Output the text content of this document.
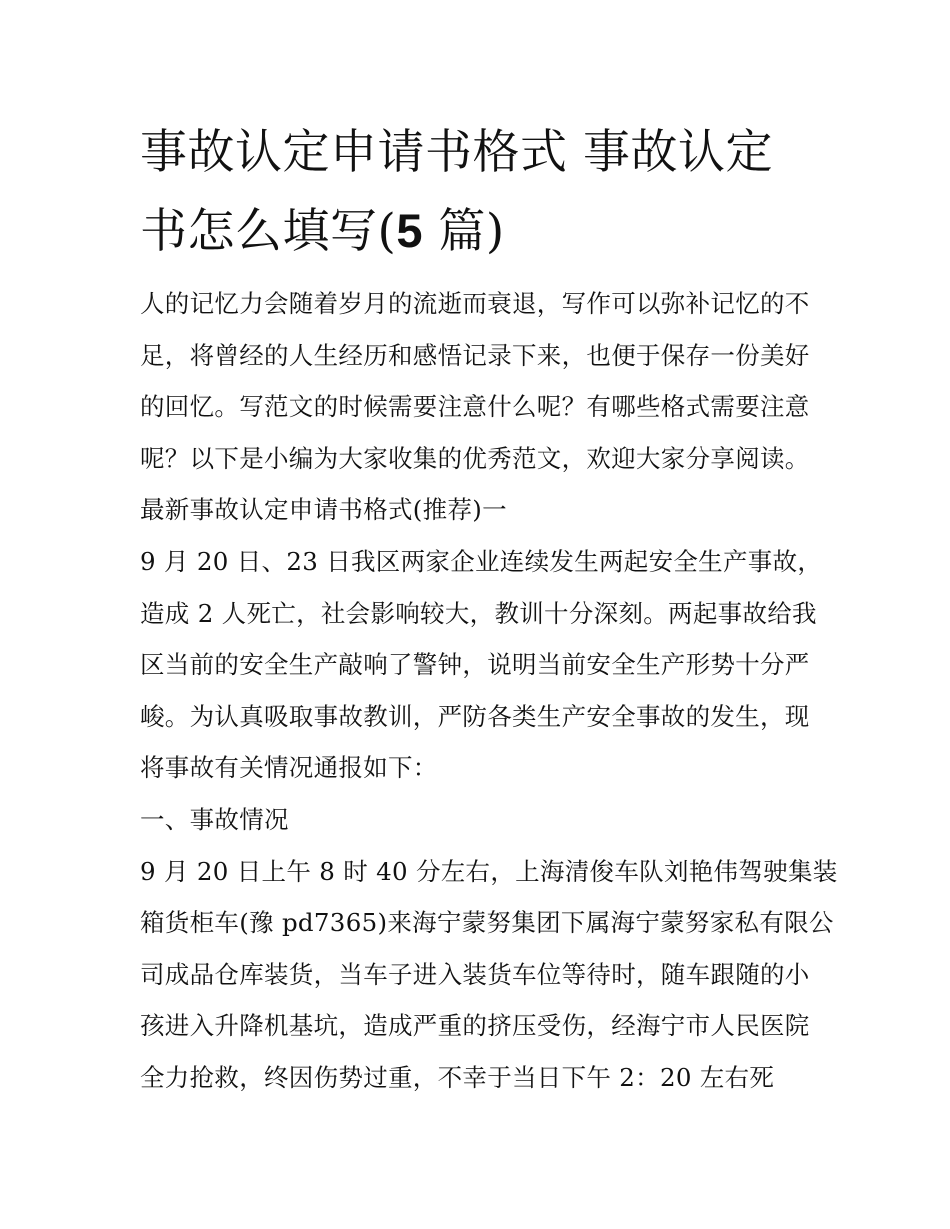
事故认定申请书格式 事故认定
书怎么填写(5 篇)

人的记忆力会随着岁月的流逝而衰退，写作可以弥补记忆的不

足，将曾经的人生经历和感悟记录下来，也便于保存一份美好

的回忆。写范文的时候需要注意什么呢？有哪些格式需要注意

呢？以下是小编为大家收集的优秀范文，欢迎大家分享阅读。

最新事故认定申请书格式(推荐)一

9 月 20 日、23 日我区两家企业连续发生两起安全生产事故，

造成 2 人死亡，社会影响较大，教训十分深刻。两起事故给我

区当前的安全生产敲响了警钟，说明当前安全生产形势十分严

峻。为认真吸取事故教训，严防各类生产安全事故的发生，现

将事故有关情况通报如下：

一、事故情况

9 月 20 日上午 8 时 40 分左右，上海清俊车队刘艳伟驾驶集装

箱货柜车(豫 pd7365)来海宁蒙努集团下属海宁蒙努家私有限公

司成品仓库装货，当车子进入装货车位等待时，随车跟随的小

孩进入升降机基坑，造成严重的挤压受伤，经海宁市人民医院

全力抢救，终因伤势过重，不幸于当日下午 2：20 左右死
